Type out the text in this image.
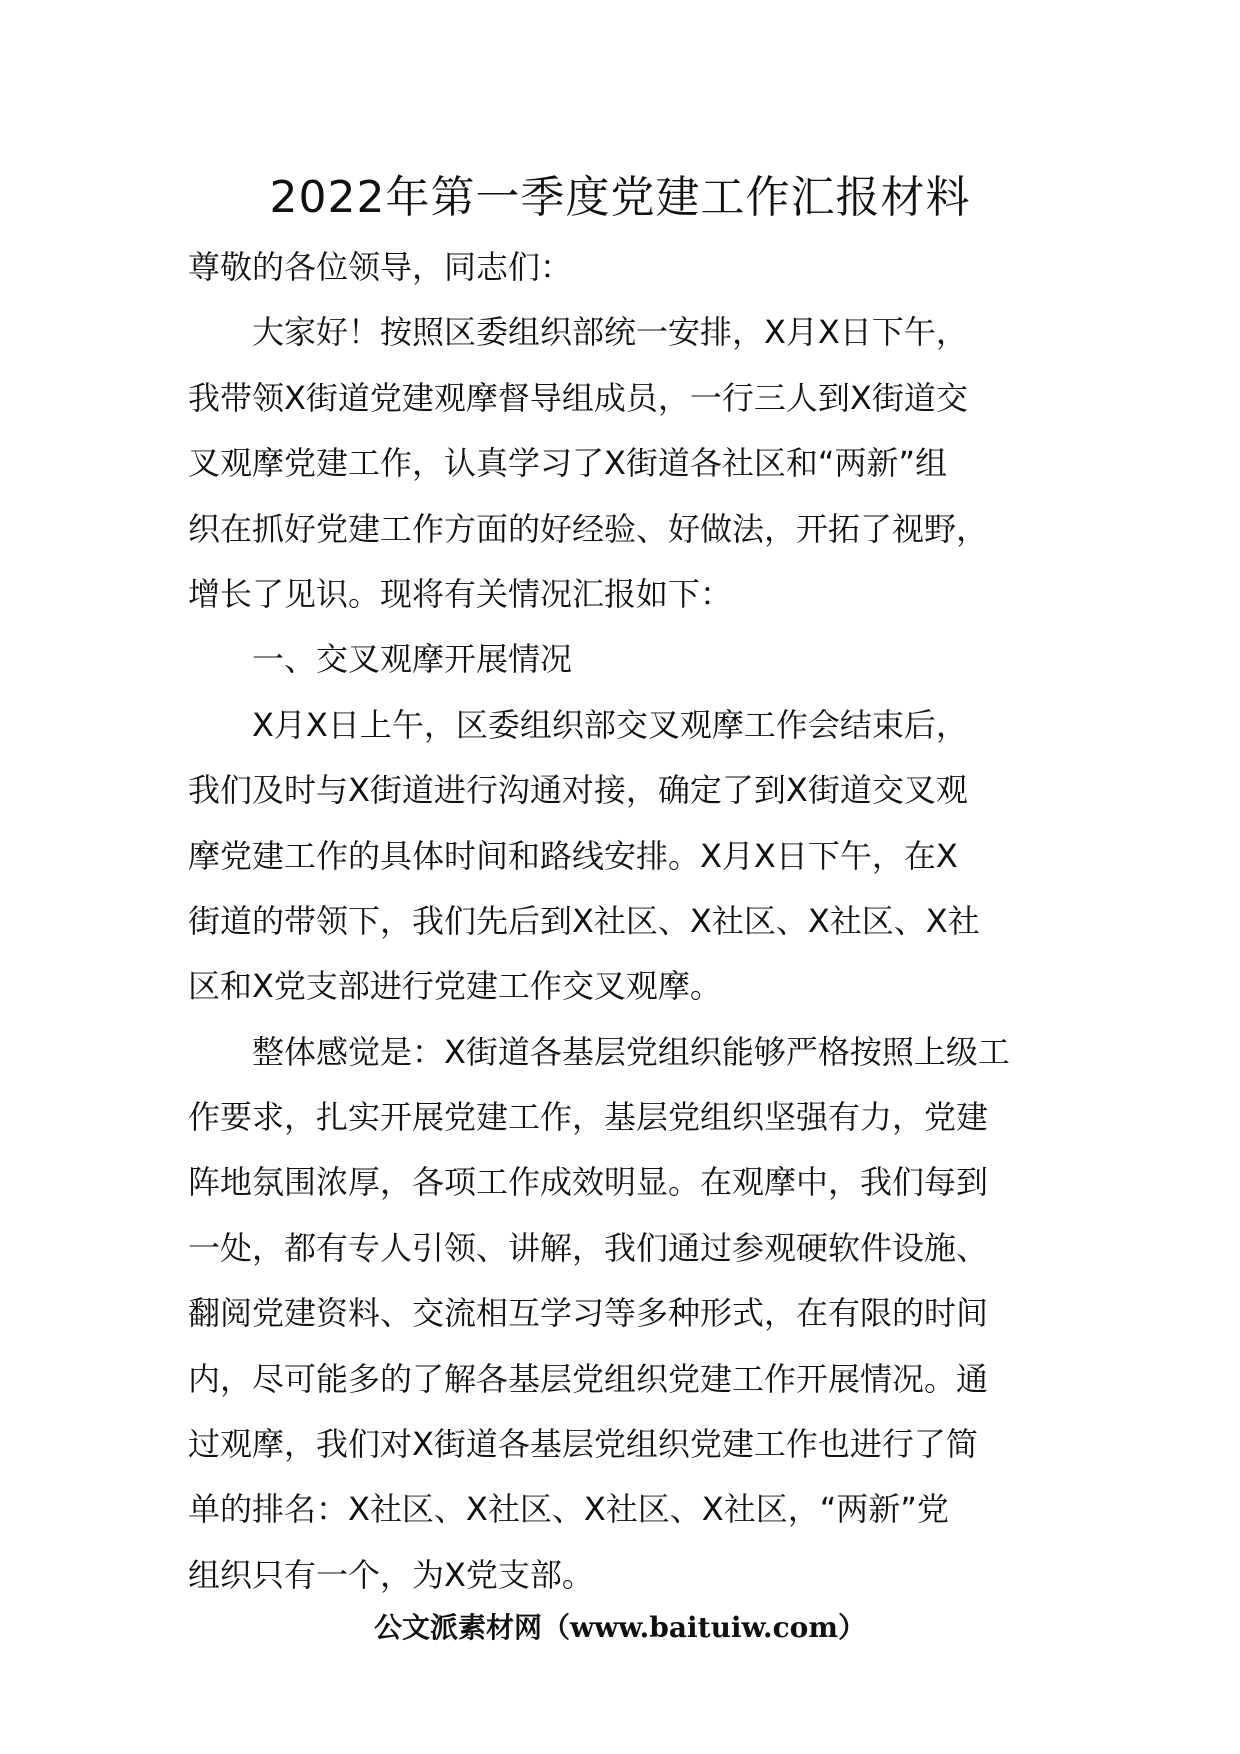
2022年第一季度党建工作汇报材料
尊敬的各位领导，同志们：
大家好！按照区委组织部统一安排，X月X日下午，
我带领X街道党建观摩督导组成员，一行三人到X街道交
叉观摩党建工作，认真学习了X街道各社区和“两新”组
织在抓好党建工作方面的好经验、好做法，开拓了视野，
增长了见识。现将有关情况汇报如下：
一、交叉观摩开展情况
X月X日上午，区委组织部交叉观摩工作会结束后，
我们及时与X街道进行沟通对接，确定了到X街道交叉观
摩党建工作的具体时间和路线安排。X月X日下午，在X
街道的带领下，我们先后到X社区、X社区、X社区、X社
区和X党支部进行党建工作交叉观摩。
整体感觉是：X街道各基层党组织能够严格按照上级工
作要求，扎实开展党建工作，基层党组织坚强有力，党建
阵地氛围浓厚，各项工作成效明显。在观摩中，我们每到
一处，都有专人引领、讲解，我们通过参观硬软件设施、
翻阅党建资料、交流相互学习等多种形式，在有限的时间
内，尽可能多的了解各基层党组织党建工作开展情况。通
过观摩，我们对X街道各基层党组织党建工作也进行了简
单的排名：X社区、X社区、X社区、X社区，“两新”党
组织只有一个，为X党支部。
公文派素材网（www.baituiw.com）
